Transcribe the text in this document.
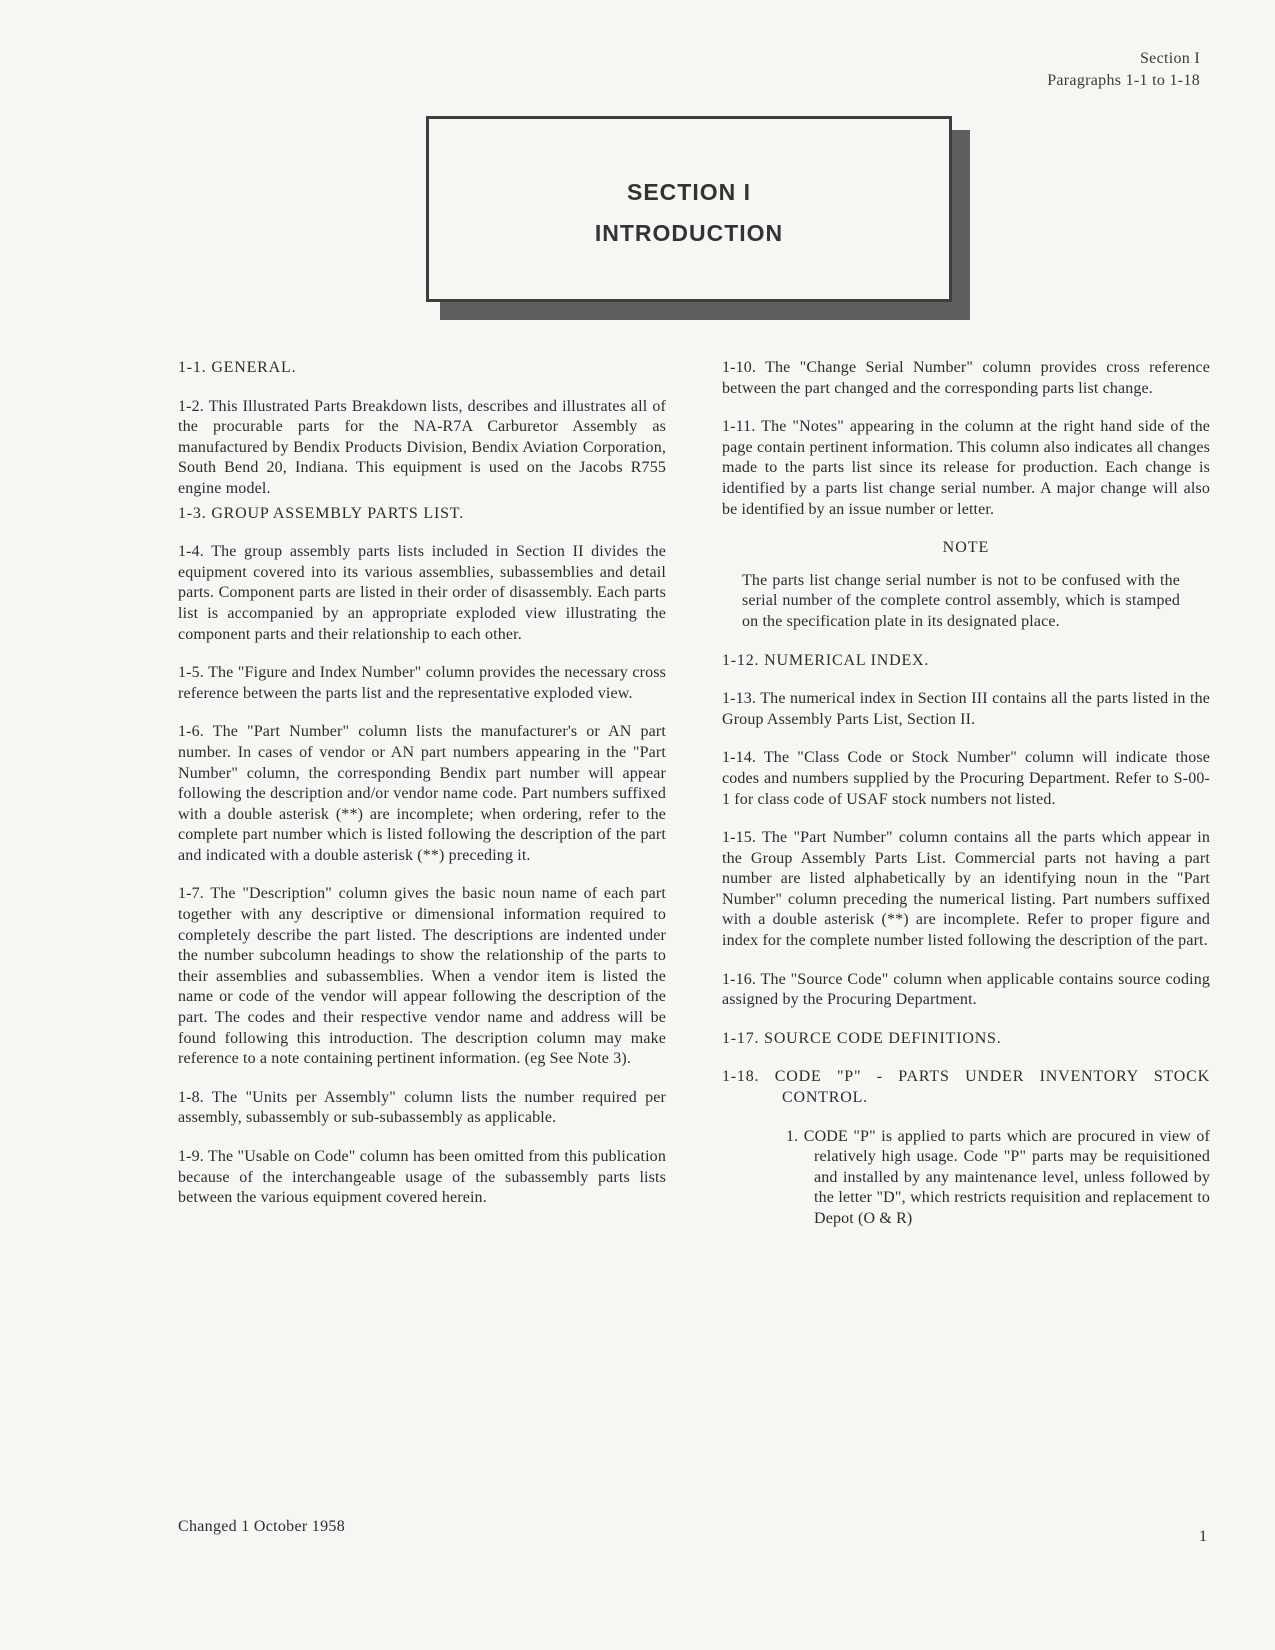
Section I
Paragraphs 1-1 to 1-18
SECTION I
INTRODUCTION

1-1. GENERAL.

1-2. This Illustrated Parts Breakdown lists, describes and illustrates all of the procurable parts for the NA-R7A Carburetor Assembly as manufactured by Bendix Products Division, Bendix Aviation Corporation, South Bend 20, Indiana. This equipment is used on the Jacobs R755 engine model.

1-3. GROUP ASSEMBLY PARTS LIST.

1-4. The group assembly parts lists included in Section II divides the equipment covered into its various assemblies, subassemblies and detail parts. Component parts are listed in their order of disassembly. Each parts list is accompanied by an appropriate exploded view illustrating the component parts and their relationship to each other.

1-5. The "Figure and Index Number" column provides the necessary cross reference between the parts list and the representative exploded view.

1-6. The "Part Number" column lists the manufacturer's or AN part number. In cases of vendor or AN part numbers appearing in the "Part Number" column, the corresponding Bendix part number will appear following the description and/or vendor name code. Part numbers suffixed with a double asterisk (**) are incomplete; when ordering, refer to the complete part number which is listed following the description of the part and indicated with a double asterisk (**) preceding it.

1-7. The "Description" column gives the basic noun name of each part together with any descriptive or dimensional information required to completely describe the part listed. The descriptions are indented under the number subcolumn headings to show the relationship of the parts to their assemblies and subassemblies. When a vendor item is listed the name or code of the vendor will appear following the description of the part. The codes and their respective vendor name and address will be found following this introduction. The description column may make reference to a note containing pertinent information. (eg See Note 3).

1-8. The "Units per Assembly" column lists the number required per assembly, subassembly or sub-subassembly as applicable.

1-9. The "Usable on Code" column has been omitted from this publication because of the interchangeable usage of the subassembly parts lists between the various equipment covered herein.

1-10. The "Change Serial Number" column provides cross reference between the part changed and the corresponding parts list change.

1-11. The "Notes" appearing in the column at the right hand side of the page contain pertinent information. This column also indicates all changes made to the parts list since its release for production. Each change is identified by a parts list change serial number. A major change will also be identified by an issue number or letter.

NOTE

The parts list change serial number is not to be confused with the serial number of the complete control assembly, which is stamped on the specification plate in its designated place.

1-12. NUMERICAL INDEX.

1-13. The numerical index in Section III contains all the parts listed in the Group Assembly Parts List, Section II.

1-14. The "Class Code or Stock Number" column will indicate those codes and numbers supplied by the Procuring Department. Refer to S-00-1 for class code of USAF stock numbers not listed.

1-15. The "Part Number" column contains all the parts which appear in the Group Assembly Parts List. Commercial parts not having a part number are listed alphabetically by an identifying noun in the "Part Number" column preceding the numerical listing. Part numbers suffixed with a double asterisk (**) are incomplete. Refer to proper figure and index for the complete number listed following the description of the part.

1-16. The "Source Code" column when applicable contains source coding assigned by the Procuring Department.

1-17. SOURCE CODE DEFINITIONS.

1-18. CODE "P" - PARTS UNDER INVENTORY STOCK CONTROL.

1. CODE "P" is applied to parts which are procured in view of relatively high usage. Code "P" parts may be requisitioned and installed by any maintenance level, unless followed by the letter "D", which restricts requisition and replacement to Depot (O & R)

Changed 1 October 1958
1
